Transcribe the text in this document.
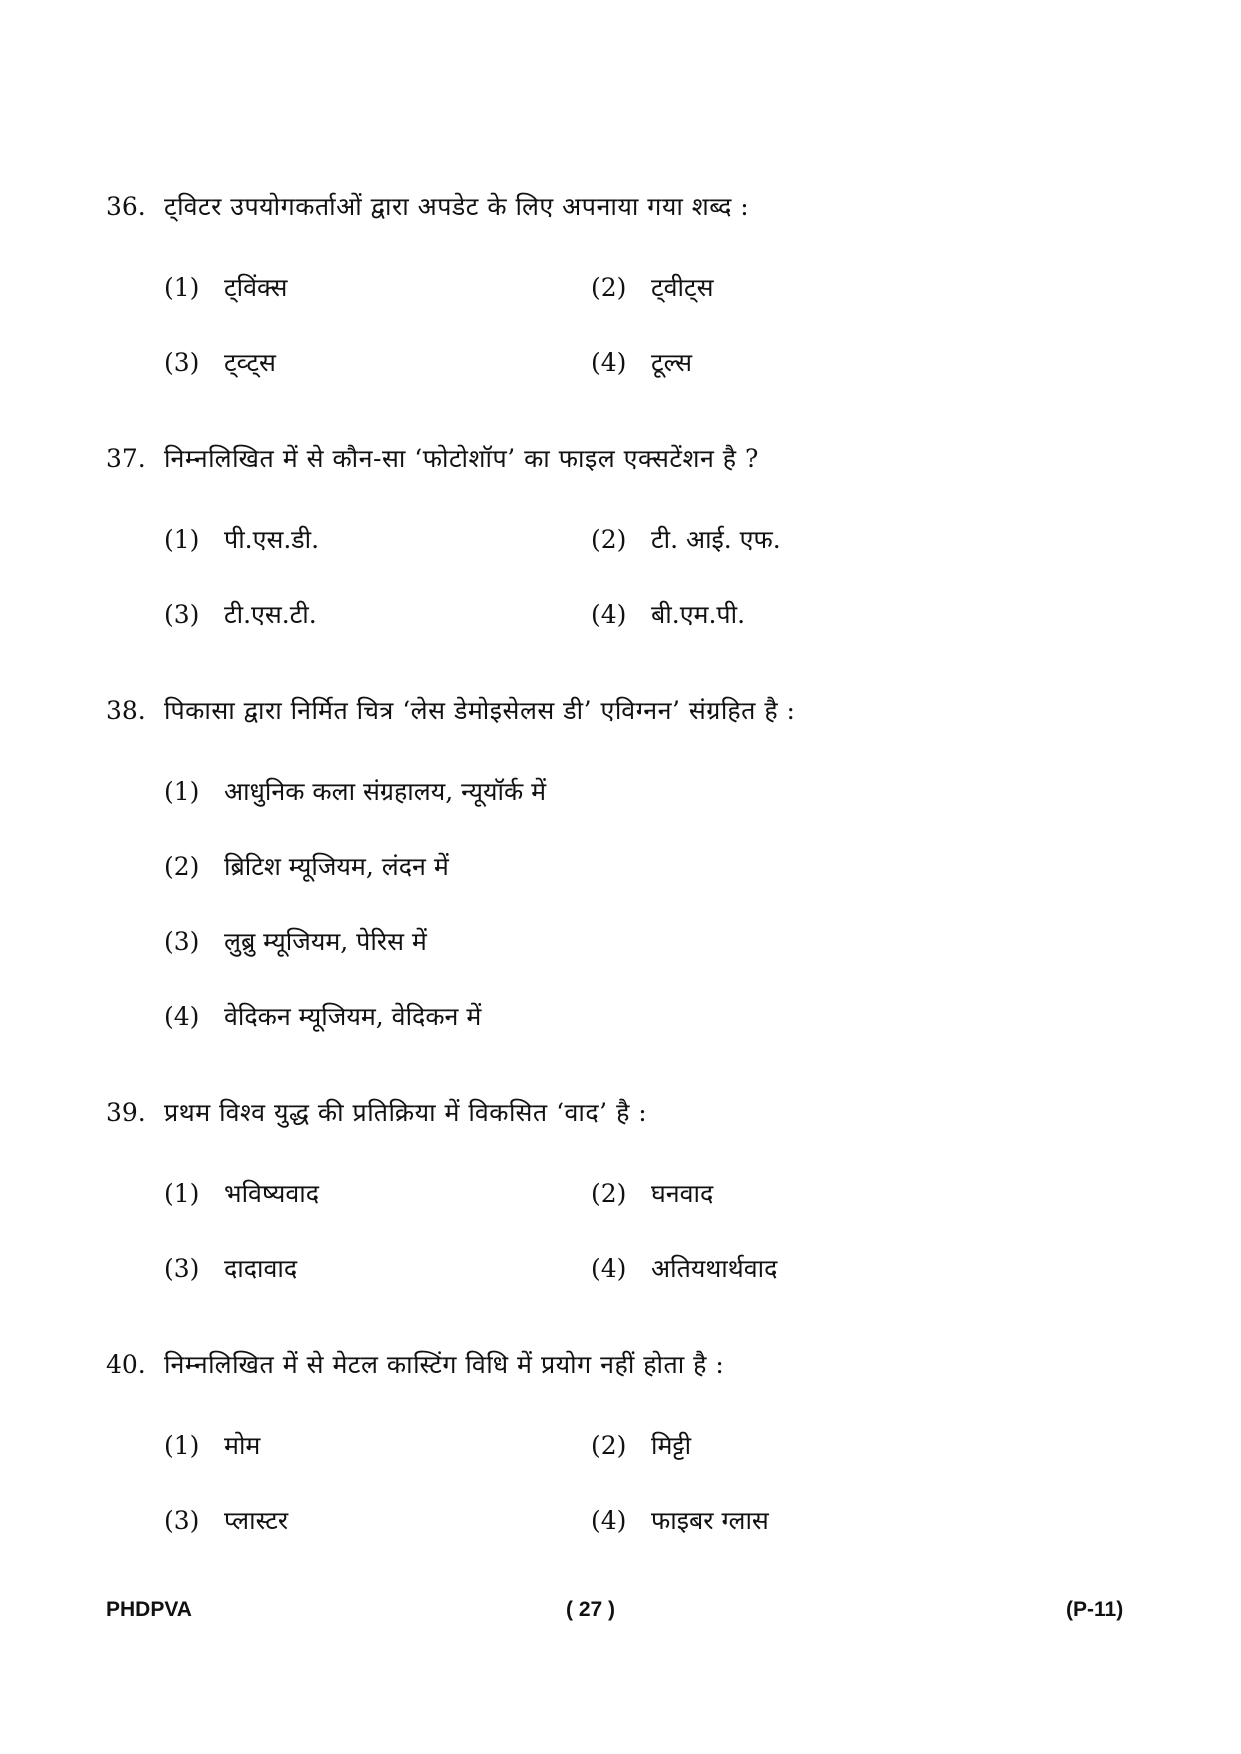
36. ट्विटर उपयोगकर्ताओं द्वारा अपडेट के लिए अपनाया गया शब्द :
(1) ट्विंक्स	(2) ट्वीट्स
(3) ट्व्ट्स	(4) टूल्स
37. निम्नलिखित में से कौन-सा ‘फोटोशॉप’ का फाइल एक्सटेंशन है ?
(1) पी.एस.डी.	(2) टी. आई. एफ.
(3) टी.एस.टी.	(4) बी.एम.पी.
38. पिकासा द्वारा निर्मित चित्र ‘लेस डेमोइसेलस डी’ एविग्नन’ संग्रहित है :
(1) आधुनिक कला संग्रहालय, न्यूयॉर्क में
(2) ब्रिटिश म्यूजियम, लंदन में
(3) लुब्रु म्यूजियम, पेरिस में
(4) वेदिकन म्यूजियम, वेदिकन में
39. प्रथम विश्व युद्ध की प्रतिक्रिया में विकसित ‘वाद’ है :
(1) भविष्यवाद	(2) घनवाद
(3) दादावाद	(4) अतियथार्थवाद
40. निम्नलिखित में से मेटल कास्टिंग विधि में प्रयोग नहीं होता है :
(1) मोम	(2) मिट्टी
(3) प्लास्टर	(4) फाइबर ग्लास
PHDPVA	( 27 )	(P-11)
